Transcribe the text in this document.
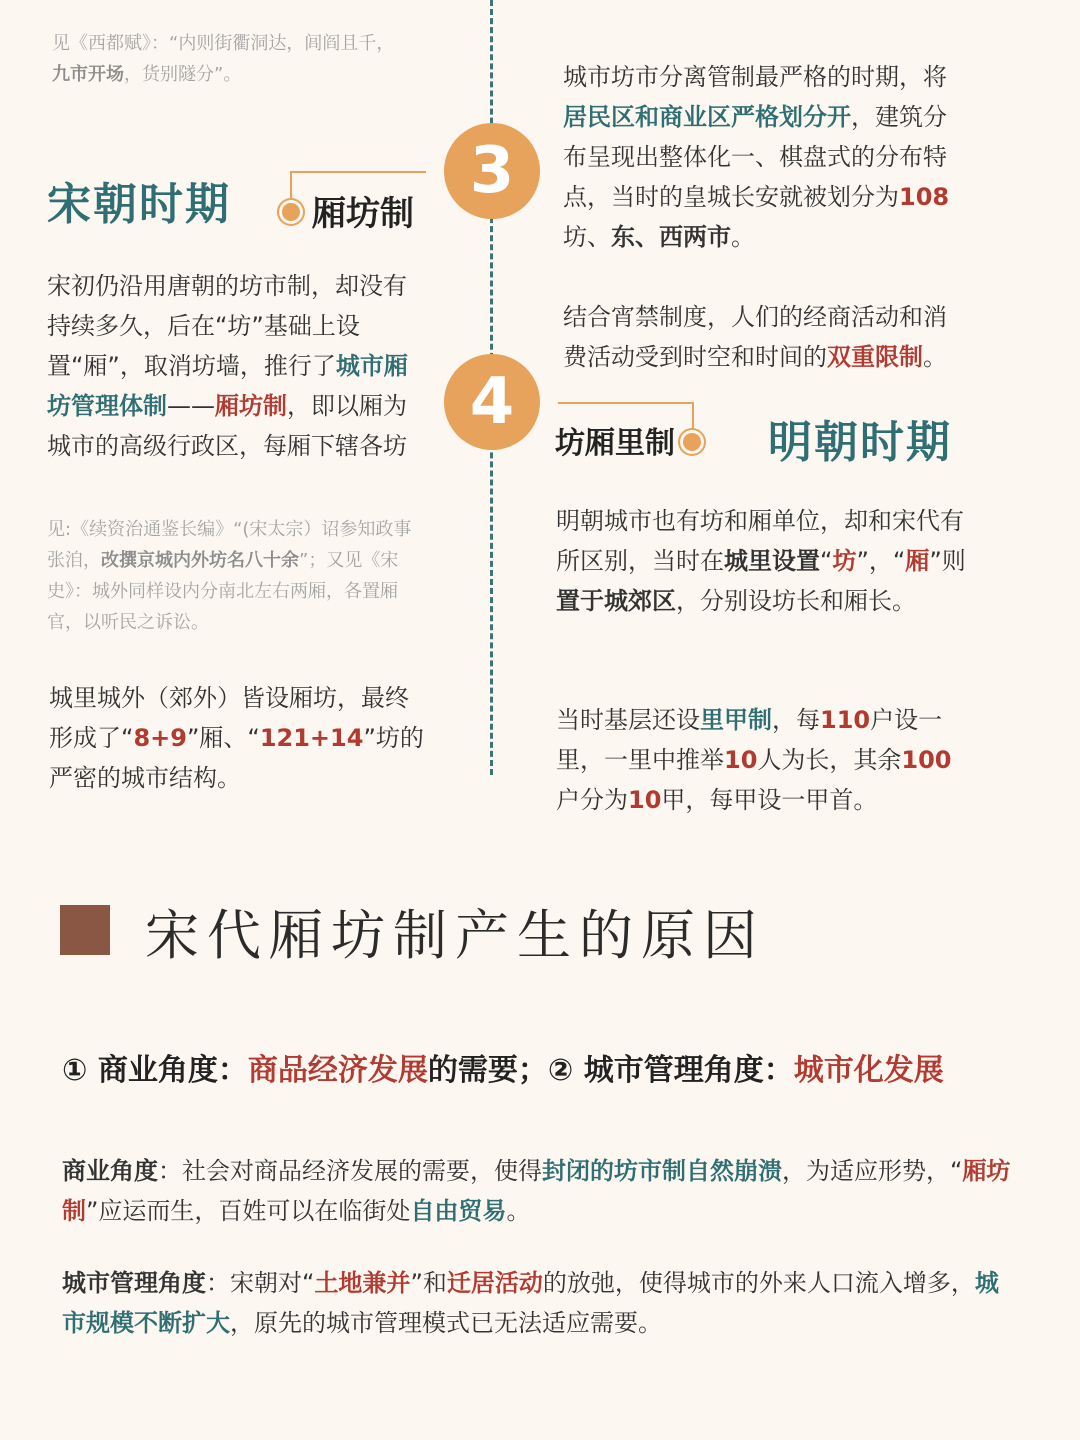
见《西都赋》：“内则街衢洞达，闾阎且千，
九市开场，货别隧分”。
宋朝时期 厢坊制
3
4
宋初仍沿用唐朝的坊市制，却没有持续多久，后在“坊”基础上设置“厢”，取消坊墙，推行了城市厢坊管理体制——厢坊制，即以厢为城市的高级行政区，每厢下辖各坊
见:《续资治通鉴长编》“(宋太宗）诏参知政事张洎，改撰京城内外坊名八十余”；又见《宋史》：城外同样设内分南北左右两厢，各置厢官，以听民之诉讼。
城里城外（郊外）皆设厢坊，最终形成了“8+9”厢、“121+14”坊的严密的城市结构。
城市坊市分离管制最严格的时期，将居民区和商业区严格划分开，建筑分布呈现出整体化一、棋盘式的分布特点，当时的皇城长安就被划分为108坊、东、西两市。
结合宵禁制度，人们的经商活动和消费活动受到时空和时间的双重限制。
坊厢里制 明朝时期
明朝城市也有坊和厢单位，却和宋代有所区别，当时在城里设置“坊”，“厢”则置于城郊区，分别设坊长和厢长。
当时基层还设里甲制，每110户设一里，一里中推举10人为长，其余100户分为10甲，每甲设一甲首。
宋代厢坊制产生的原因
① 商业角度：商品经济发展的需要；② 城市管理角度：城市化发展
商业角度：社会对商品经济发展的需要，使得封闭的坊市制自然崩溃，为适应形势，“厢坊制”应运而生，百姓可以在临街处自由贸易。
城市管理角度：宋朝对“土地兼并”和迁居活动的放弛，使得城市的外来人口流入增多，城市规模不断扩大，原先的城市管理模式已无法适应需要。
